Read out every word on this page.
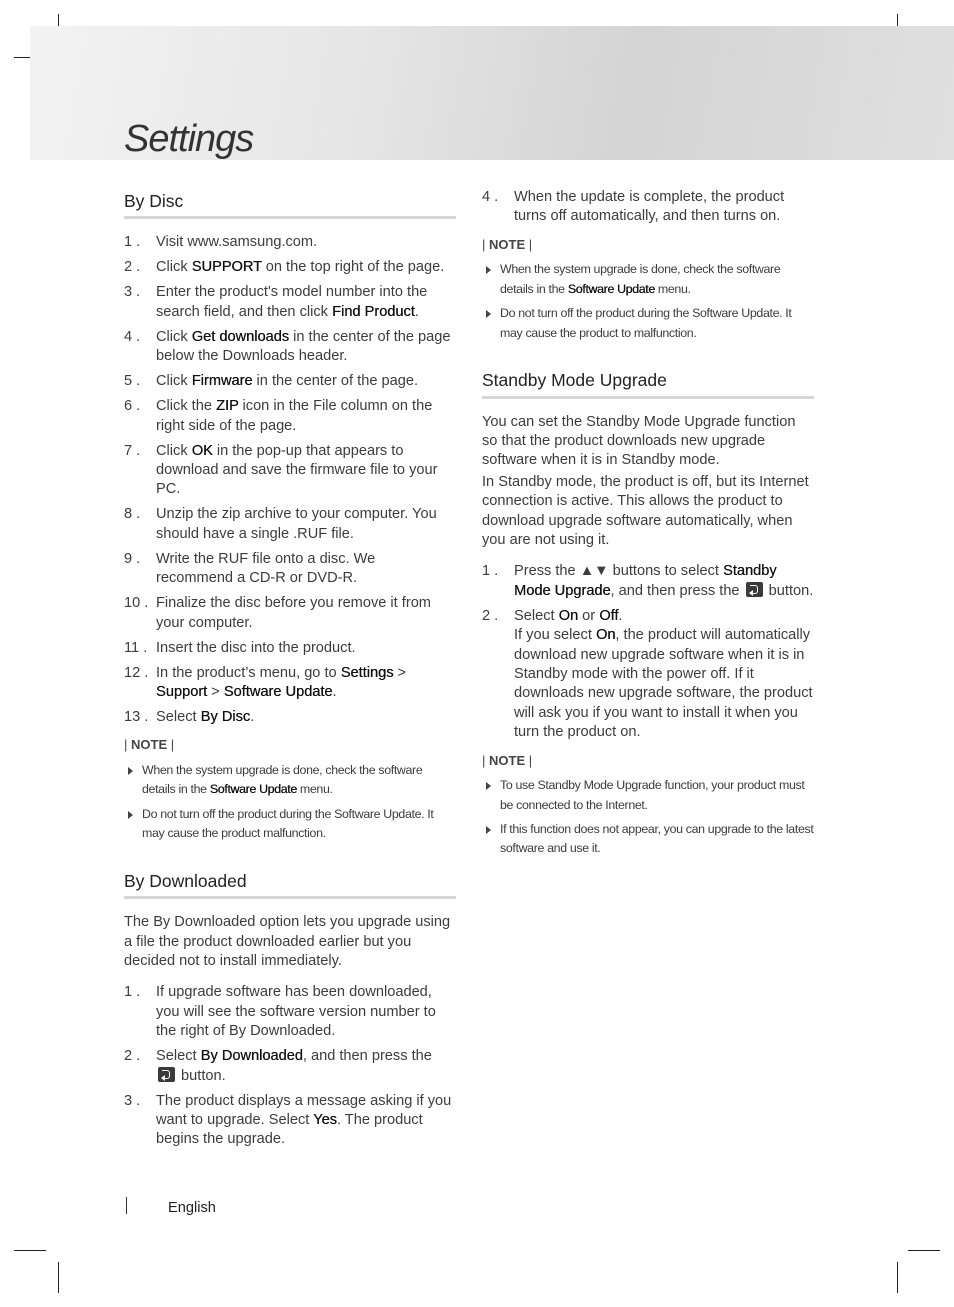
Settings
By Disc
1 . Visit www.samsung.com.
2 . Click SUPPORT on the top right of the page.
3 . Enter the product's model number into the search field, and then click Find Product.
4 . Click Get downloads in the center of the page below the Downloads header.
5 . Click Firmware in the center of the page.
6 . Click the ZIP icon in the File column on the right side of the page.
7 . Click OK in the pop-up that appears to download and save the firmware file to your PC.
8 . Unzip the zip archive to your computer. You should have a single .RUF file.
9 . Write the RUF file onto a disc. We recommend a CD-R or DVD-R.
10 . Finalize the disc before you remove it from your computer.
11 . Insert the disc into the product.
12 . In the product’s menu, go to Settings > Support > Software Update.
13 . Select By Disc.
| NOTE |
When the system upgrade is done, check the software details in the Software Update menu.
Do not turn off the product during the Software Update. It may cause the product malfunction.
By Downloaded

The By Downloaded option lets you upgrade using a file the product downloaded earlier but you decided not to install immediately.

1 . If upgrade software has been downloaded, you will see the software version number to the right of By Downloaded.
2 . Select By Downloaded, and then press the  button.
3 . The product displays a message asking if you want to upgrade. Select Yes. The product begins the upgrade.
4 . When the update is complete, the product turns off automatically, and then turns on.
| NOTE |
When the system upgrade is done, check the software details in the Software Update menu.
Do not turn off the product during the Software Update. It may cause the product to malfunction.
Standby Mode Upgrade

You can set the Standby Mode Upgrade function so that the product downloads new upgrade software when it is in Standby mode.

In Standby mode, the product is off, but its Internet connection is active. This allows the product to download upgrade software automatically, when you are not using it.

1 . Press the ▲▼ buttons to select Standby Mode Upgrade, and then press the  button.
2 . Select On or Off.
If you select On, the product will automatically download new upgrade software when it is in Standby mode with the power off. If it downloads new upgrade software, the product will ask you if you want to install it when you turn the product on.
| NOTE |
To use Standby Mode Upgrade function, your product must be connected to the Internet.
If this function does not appear, you can upgrade to the latest software and use it.
English
